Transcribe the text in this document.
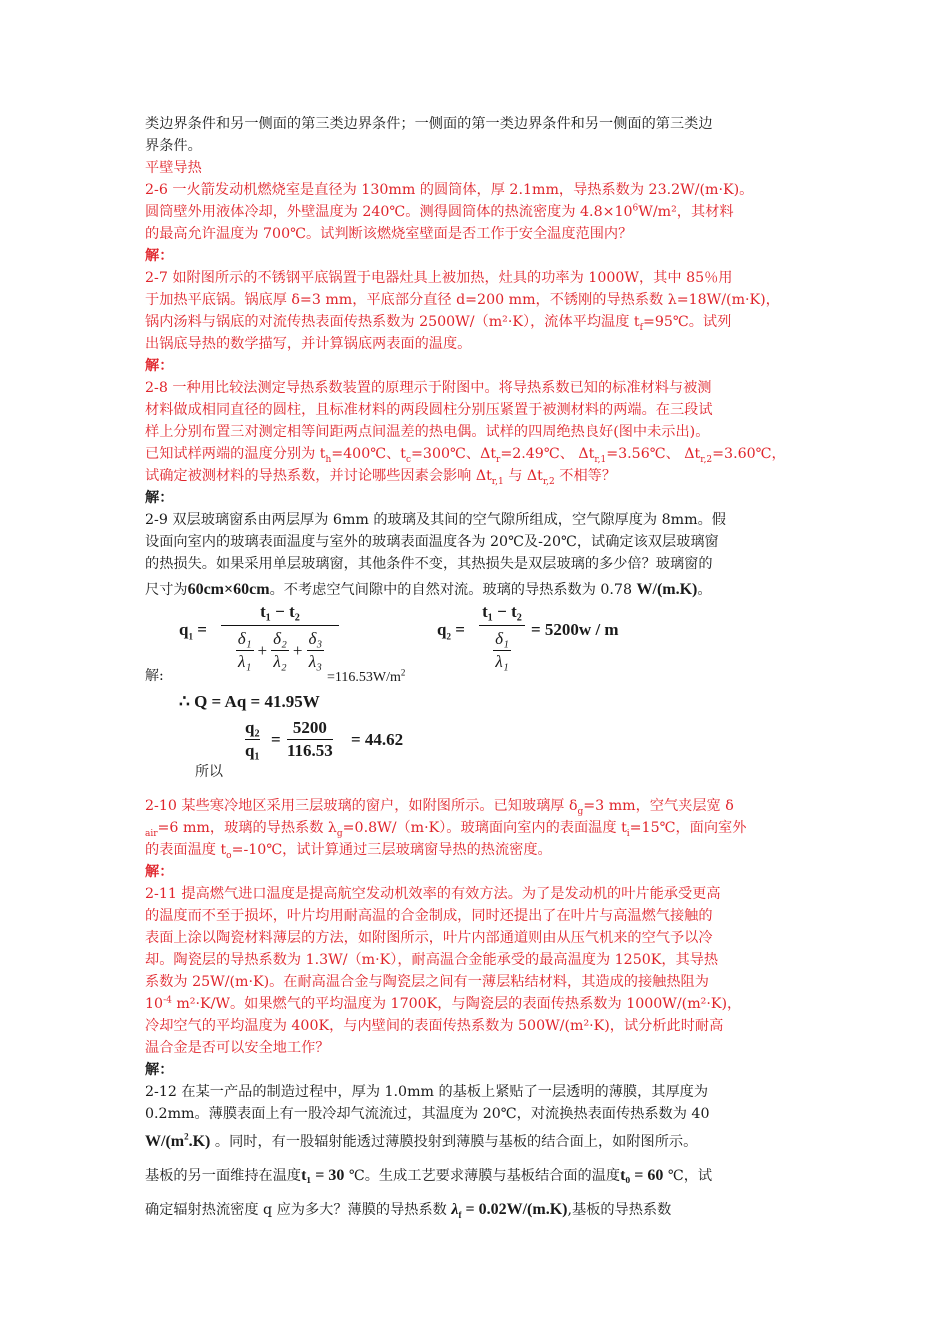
类边界条件和另一侧面的第三类边界条件；一侧面的第一类边界条件和另一侧面的第三类边

界条件。

平壁导热

2-6 一火箭发动机燃烧室是直径为 130mm 的圆筒体，厚 2.1mm，导热系数为 23.2W/(m·K)。

圆筒壁外用液体冷却，外壁温度为 240℃。测得圆筒体的热流密度为 $4.8\times 10^6W/m^2$，其材料

的最高允许温度为 700℃。试判断该燃烧室壁面是否工作于安全温度范围内？

解：

2-7 如附图所示的不锈钢平底锅置于电器灶具上被加热，灶具的功率为 1000W，其中 85％用

于加热平底锅。锅底厚 δ=3 mm，平底部分直径 d=200 mm，不锈刚的导热系数 λ=18W/(m·K)，

锅内汤料与锅底的对流传热表面传热系数为 2500W/（m²·K），流体平均温度 $t_f=95℃$。试列

出锅底导热的数学描写，并计算锅底两表面的温度。

解：

2-8 一种用比较法测定导热系数装置的原理示于附图中。将导热系数已知的标准材料与被测

材料做成相同直径的圆柱，且标准材料的两段圆柱分别压紧置于被测材料的两端。在三段试

样上分别布置三对测定相等间距两点间温差的热电偶。试样的四周绝热良好(图中未示出)。

已知试样两端的温度分别为 $t_h=400℃$、$t_c=300℃$、$\Delta t_r=2.49℃$、 $\Delta t_{r,1}=3.56℃$、 $\Delta t_{r,2}=3.60℃$，

试确定被测材料的导热系数，并讨论哪些因素会影响 $\Delta t_{r,1}$ 与 $\Delta t_{r,2}$ 不相等？

解：

2-9 双层玻璃窗系由两层厚为 6mm 的玻璃及其间的空气隙所组成，空气隙厚度为 8mm。假

设面向室内的玻璃表面温度与室外的玻璃表面温度各为 20℃及-20℃，试确定该双层玻璃窗

的热损失。如果采用单层玻璃窗，其他条件不变，其热损失是双层玻璃的多少倍？玻璃窗的

尺寸为60cm×60cm。不考虑空气间隙中的自然对流。玻璃的导热系数为 0.78 W/(m.K)。

解:
$q_1$ =
t₁ − t₂
$\frac{\text{δ₁}}{\text{λ₁}} + \frac{\text{δ₂}}{\text{λ₂}} + \frac{\text{δ₃}}{\text{λ₃}}$
$=116.53W/m^2$
$q_2$ =
t₁ − t₂
$\frac{\text{δ₁}}{\text{λ₁}} = 5200w / m$
∴ Q = Aq = 41.95W
所以
q₂
q₁
=
5200
116.53
= 44.62

2-10 某些寒冷地区采用三层玻璃的窗户，如附图所示。已知玻璃厚 $\delta_g=3$ mm，空气夹层宽 δ

$_{air}$=6 mm，玻璃的导热系数 $\lambda_g=0.8W/(m\cdot K)$。玻璃面向室内的表面温度 $t_i=15℃$，面向室外

的表面温度 $t_o=-10℃$，试计算通过三层玻璃窗导热的热流密度。

解：

2-11 提高燃气进口温度是提高航空发动机效率的有效方法。为了是发动机的叶片能承受更高

的温度而不至于损坏，叶片均用耐高温的合金制成，同时还提出了在叶片与高温燃气接触的

表面上涂以陶瓷材料薄层的方法，如附图所示，叶片内部通道则由从压气机来的空气予以冷

却。陶瓷层的导热系数为 1.3W/（m·K），耐高温合金能承受的最高温度为 1250K，其导热

系数为 25W/(m·K)。在耐高温合金与陶瓷层之间有一薄层粘结材料，其造成的接触热阻为

$10^{-4}$ m²·K/W。如果燃气的平均温度为 1700K，与陶瓷层的表面传热系数为 1000W/(m²·K)，

冷却空气的平均温度为 400K，与内壁间的表面传热系数为 500W/(m²·K)，试分析此时耐高

温合金是否可以安全地工作？

解：

2-12 在某一产品的制造过程中，厚为 1.0mm 的基板上紧贴了一层透明的薄膜，其厚度为

0.2mm。薄膜表面上有一股冷却气流流过，其温度为 20℃，对流换热表面传热系数为 40

$W/(m^2.K)$ 。同时，有一股辐射能透过薄膜投射到薄膜与基板的结合面上，如附图所示。

基板的另一面维持在温度t₁ = 30 ℃。生成工艺要求薄膜与基板结合面的温度t₀ = 60 ℃，试

确定辐射热流密度 q 应为多大？薄膜的导热系数 $\lambda_f = 0.02W/(m.K)$,基板的导热系数
